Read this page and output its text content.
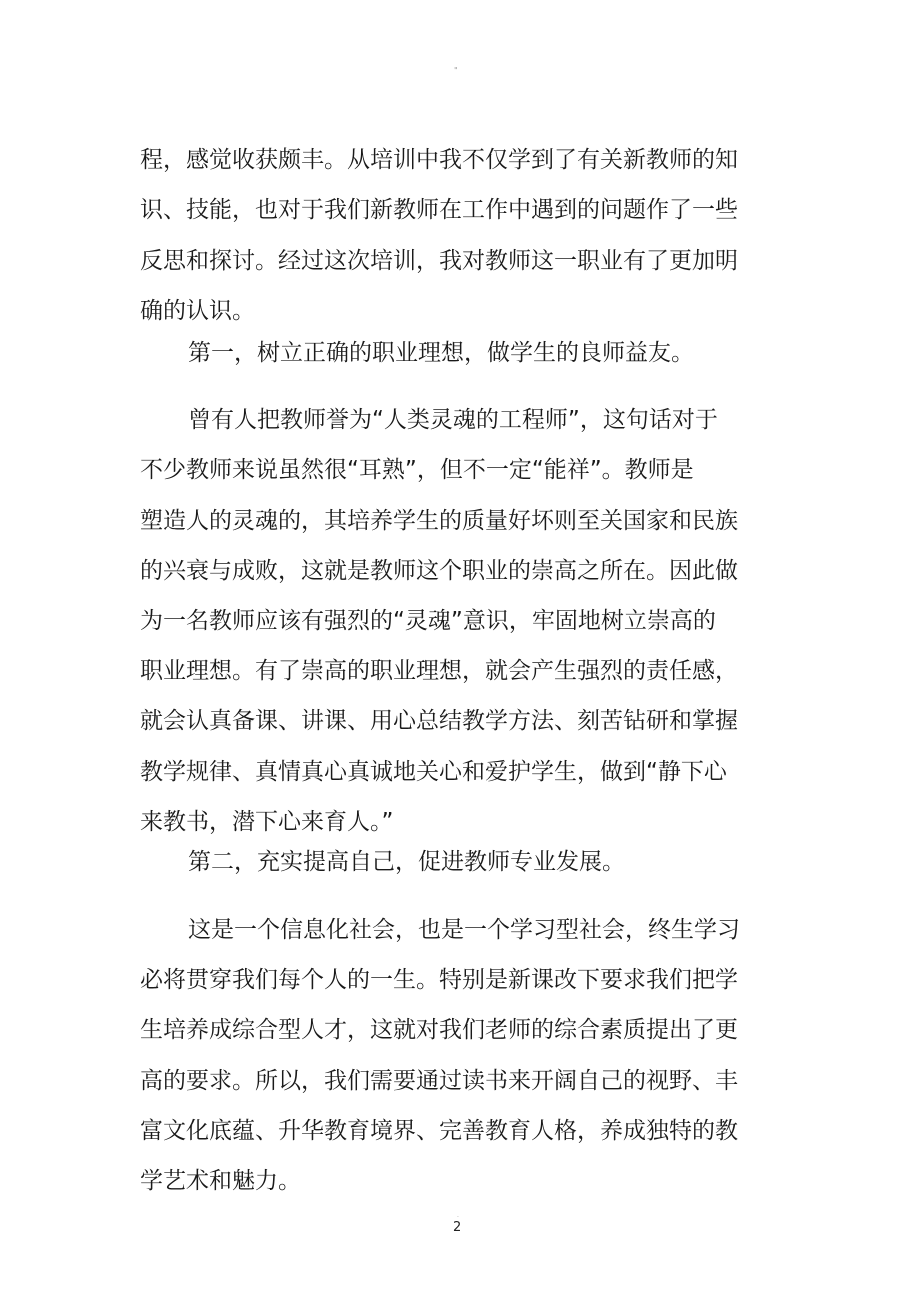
"
程，感觉收获颇丰。从培训中我不仅学到了有关新教师的知
识、技能，也对于我们新教师在工作中遇到的问题作了一些
反思和探讨。经过这次培训，我对教师这一职业有了更加明
确的认识。
第一，树立正确的职业理想，做学生的良师益友。
曾有人把教师誉为“人类灵魂的工程师”，这句话对于
不少教师来说虽然很“耳熟”，但不一定“能祥”。教师是
塑造人的灵魂的，其培养学生的质量好坏则至关国家和民族
的兴衰与成败，这就是教师这个职业的崇高之所在。因此做
为一名教师应该有强烈的“灵魂”意识，牢固地树立崇高的
职业理想。有了崇高的职业理想，就会产生强烈的责任感，
就会认真备课、讲课、用心总结教学方法、刻苦钻研和掌握
教学规律、真情真心真诚地关心和爱护学生，做到“静下心
来教书，潜下心来育人。”
第二，充实提高自己，促进教师专业发展。
这是一个信息化社会，也是一个学习型社会，终生学习
必将贯穿我们每个人的一生。特别是新课改下要求我们把学
生培养成综合型人才，这就对我们老师的综合素质提出了更
高的要求。所以，我们需要通过读书来开阔自己的视野、丰
富文化底蕴、升华教育境界、完善教育人格，养成独特的教
学艺术和魅力。
.
2
